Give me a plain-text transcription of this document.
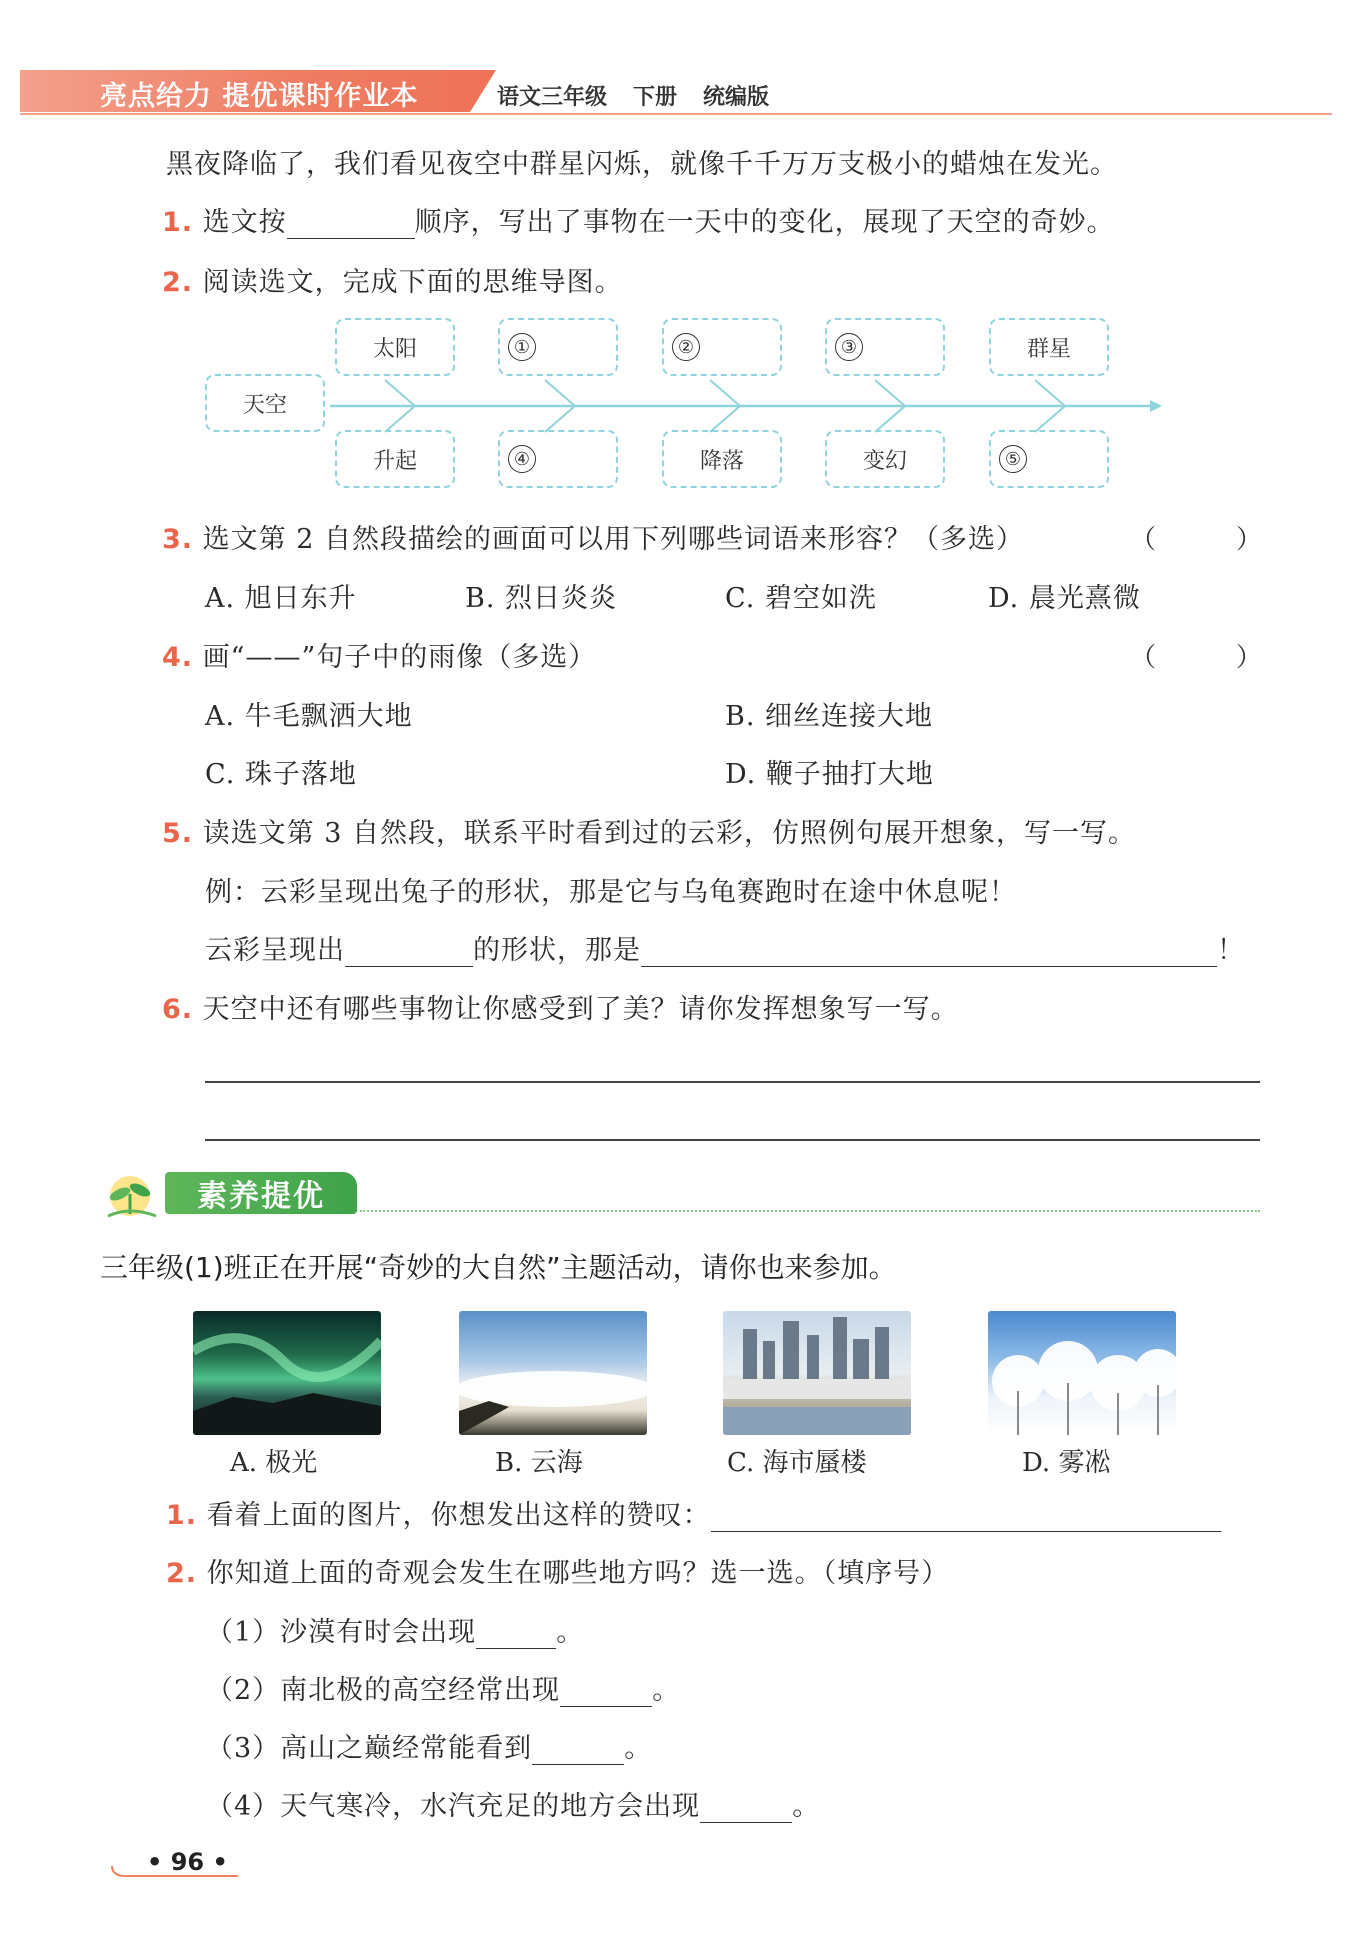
亮点给力 提优课时作业本	语文三年级 下册 统编版
黑夜降临了，我们看见夜空中群星闪烁，就像千千万万支极小的蜡烛在发光。
1. 选文按	顺序，写出了事物在一天中的变化，展现了天空的奇妙。
2. 阅读选文，完成下面的思维导图。
天空
太阳	①	②	③	群星
升起	④	降落	变幻	⑤
3. 选文第 2 自然段描绘的画面可以用下列哪些词语来形容？（多选）	（	）
A. 旭日东升	B. 烈日炎炎	C. 碧空如洗	D. 晨光熹微
4. 画“——”句子中的雨像（多选）	（	）
A. 牛毛飘洒大地	B. 细丝连接大地
C. 珠子落地	D. 鞭子抽打大地
5. 读选文第 3 自然段，联系平时看到过的云彩，仿照例句展开想象，写一写。
例：云彩呈现出兔子的形状，那是它与乌龟赛跑时在途中休息呢！
云彩呈现出	的形状，那是	！
6. 天空中还有哪些事物让你感受到了美？请你发挥想象写一写。
素养提优
三年级(1)班正在开展“奇妙的大自然”主题活动，请你也来参加。
A. 极光	B. 云海	C. 海市蜃楼	D. 雾凇
1. 看着上面的图片，你想发出这样的赞叹：
2. 你知道上面的奇观会发生在哪些地方吗？选一选。（填序号）
（1）沙漠有时会出现	。
（2）南北极的高空经常出现	。
（3）高山之巅经常能看到	。
（4）天气寒冷，水汽充足的地方会出现	。
• 96 •
